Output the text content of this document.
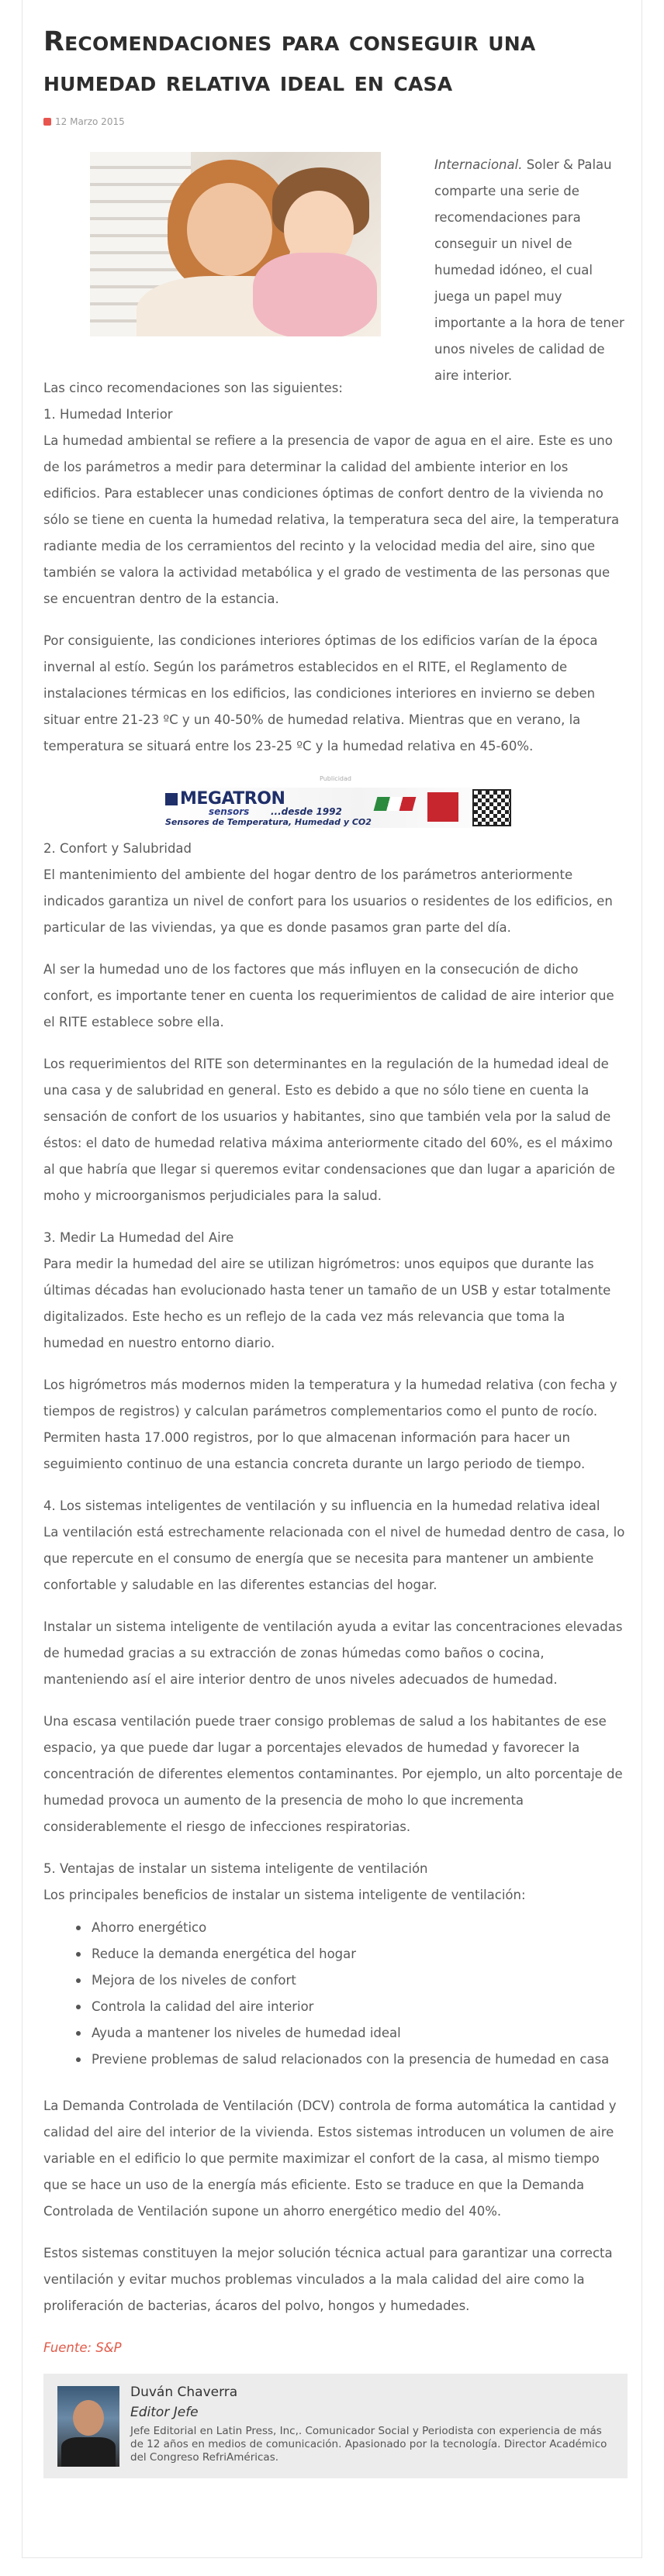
Recomendaciones para conseguir una humedad relativa ideal en casa
12 Marzo 2015
Internacional. Soler & Palau comparte una serie de recomendaciones para conseguir un nivel de humedad idóneo, el cual juega un papel muy importante a la hora de tener unos niveles de calidad de aire interior.

Las cinco recomendaciones son las siguientes:

1. Humedad Interior

La humedad ambiental se refiere a la presencia de vapor de agua en el aire. Este es uno de los parámetros a medir para determinar la calidad del ambiente interior en los edificios. Para establecer unas condiciones óptimas de confort dentro de la vivienda no sólo se tiene en cuenta la humedad relativa, la temperatura seca del aire, la temperatura radiante media de los cerramientos del recinto y la velocidad media del aire, sino que también se valora la actividad metabólica y el grado de vestimenta de las personas que se encuentran dentro de la estancia.

Por consiguiente, las condiciones interiores óptimas de los edificios varían de la época invernal al estío. Según los parámetros establecidos en el RITE, el Reglamento de instalaciones térmicas en los edificios, las condiciones interiores en invierno se deben situar entre 21-23 ºC y un 40-50% de humedad relativa. Mientras que en verano, la temperatura se situará entre los 23-25 ºC y la humedad relativa en 45-60%.

Publicidad
MEGATRON
sensors ...desde 1992
Sensores de Temperatura, Humedad y CO2

2. Confort y Salubridad

El mantenimiento del ambiente del hogar dentro de los parámetros anteriormente indicados garantiza un nivel de confort para los usuarios o residentes de los edificios, en particular de las viviendas, ya que es donde pasamos gran parte del día.

Al ser la humedad uno de los factores que más influyen en la consecución de dicho confort, es importante tener en cuenta los requerimientos de calidad de aire interior que el RITE establece sobre ella.

Los requerimientos del RITE son determinantes en la regulación de la humedad ideal de una casa y de salubridad en general. Esto es debido a que no sólo tiene en cuenta la sensación de confort de los usuarios y habitantes, sino que también vela por la salud de éstos: el dato de humedad relativa máxima anteriormente citado del 60%, es el máximo al que habría que llegar si queremos evitar condensaciones que dan lugar a aparición de moho y microorganismos perjudiciales para la salud.

3. Medir La Humedad del Aire

Para medir la humedad del aire se utilizan higrómetros: unos equipos que durante las últimas décadas han evolucionado hasta tener un tamaño de un USB y estar totalmente digitalizados. Este hecho es un reflejo de la cada vez más relevancia que toma la humedad en nuestro entorno diario.

Los higrómetros más modernos miden la temperatura y la humedad relativa (con fecha y tiempos de registros) y calculan parámetros complementarios como el punto de rocío. Permiten hasta 17.000 registros, por lo que almacenan información para hacer un seguimiento continuo de una estancia concreta durante un largo periodo de tiempo.

4. Los sistemas inteligentes de ventilación y su influencia en la humedad relativa ideal

La ventilación está estrechamente relacionada con el nivel de humedad dentro de casa, lo que repercute en el consumo de energía que se necesita para mantener un ambiente confortable y saludable en las diferentes estancias del hogar.

Instalar un sistema inteligente de ventilación ayuda a evitar las concentraciones elevadas de humedad gracias a su extracción de zonas húmedas como baños o cocina, manteniendo así el aire interior dentro de unos niveles adecuados de humedad.

Una escasa ventilación puede traer consigo problemas de salud a los habitantes de ese espacio, ya que puede dar lugar a porcentajes elevados de humedad y favorecer la concentración de diferentes elementos contaminantes. Por ejemplo, un alto porcentaje de humedad provoca un aumento de la presencia de moho lo que incrementa considerablemente el riesgo de infecciones respiratorias.

5. Ventajas de instalar un sistema inteligente de ventilación

Los principales beneficios de instalar un sistema inteligente de ventilación:

Ahorro energético
Reduce la demanda energética del hogar
Mejora de los niveles de confort
Controla la calidad del aire interior
Ayuda a mantener los niveles de humedad ideal
Previene problemas de salud relacionados con la presencia de humedad en casa

La Demanda Controlada de Ventilación (DCV) controla de forma automática la cantidad y calidad del aire del interior de la vivienda. Estos sistemas introducen un volumen de aire variable en el edificio lo que permite maximizar el confort de la casa, al mismo tiempo que se hace un uso de la energía más eficiente. Esto se traduce en que la Demanda Controlada de Ventilación supone un ahorro energético medio del 40%.

Estos sistemas constituyen la mejor solución técnica actual para garantizar una correcta ventilación y evitar muchos problemas vinculados a la mala calidad del aire como la proliferación de bacterias, ácaros del polvo, hongos y humedades.

Fuente: S&P

Duván Chaverra
Editor Jefe
Jefe Editorial en Latin Press, Inc,. Comunicador Social y Periodista con experiencia de más de 12 años en medios de comunicación. Apasionado por la tecnología. Director Académico del Congreso RefriAméricas.
